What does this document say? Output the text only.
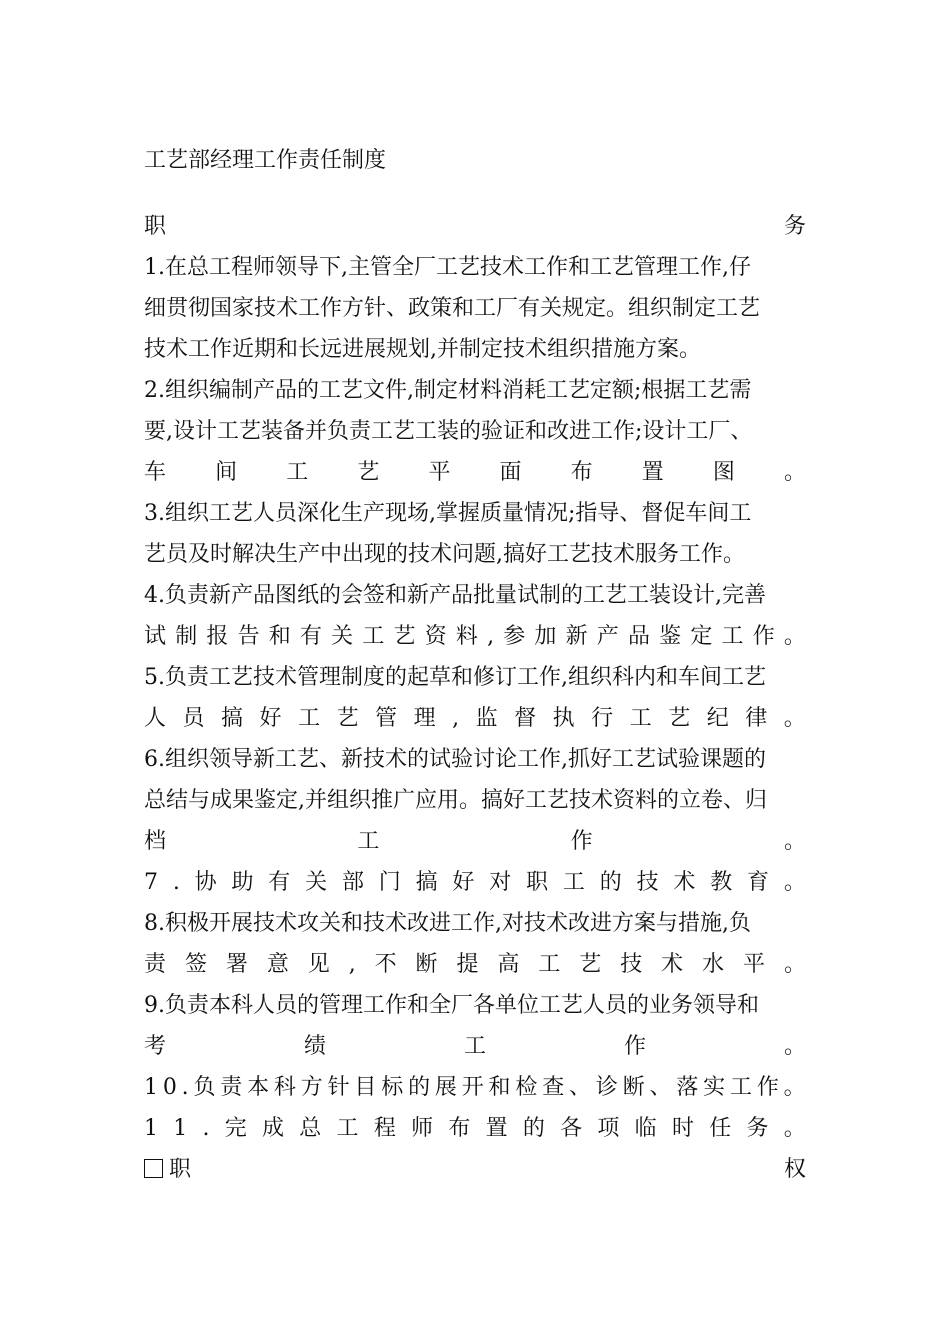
工艺部经理工作责任制度
职	务
1.在总工程师领导下,主管全厂工艺技术工作和工艺管理工作,仔
细贯彻国家技术工作方针、政策和工厂有关规定。组织制定工艺
技术工作近期和长远进展规划,并制定技术组织措施方案。
2.组织编制产品的工艺文件,制定材料消耗工艺定额;根据工艺需
要,设计工艺装备并负责工艺工装的验证和改进工作;设计工厂、
车 间 工 艺 平 面 布 置 图 。
3.组织工艺人员深化生产现场,掌握质量情况;指导、督促车间工
艺员及时解决生产中出现的技术问题,搞好工艺技术服务工作。
4.负责新产品图纸的会签和新产品批量试制的工艺工装设计,完善
试 制 报 告 和 有 关 工 艺 资 料 , 参 加 新 产 品 鉴 定 工 作 。
5.负责工艺技术管理制度的起草和修订工作,组织科内和车间工艺
人 员 搞 好 工 艺 管 理 , 监 督 执 行 工 艺 纪 律 。
6.组织领导新工艺、新技术的试验讨论工作,抓好工艺试验课题的
总结与成果鉴定,并组织推广应用。搞好工艺技术资料的立卷、归
档	工	作	。
7 . 协 助 有 关 部 门 搞 好 对 职 工 的 技 术 教 育 。
8.积极开展技术攻关和技术改进工作,对技术改进方案与措施,负
责 签 署 意 见 , 不 断 提 高 工 艺 技 术 水 平 。
9.负责本科人员的管理工作和全厂各单位工艺人员的业务领导和
考	绩	工	作	。
1 0 . 负 责 本 科 方 针 目 标 的 展 开 和 检 查 、 诊 断 、 落 实 工 作 。
1 1 . 完 成 总 工 程 师 布 置 的 各 项 临 时 任 务 。
职	权
